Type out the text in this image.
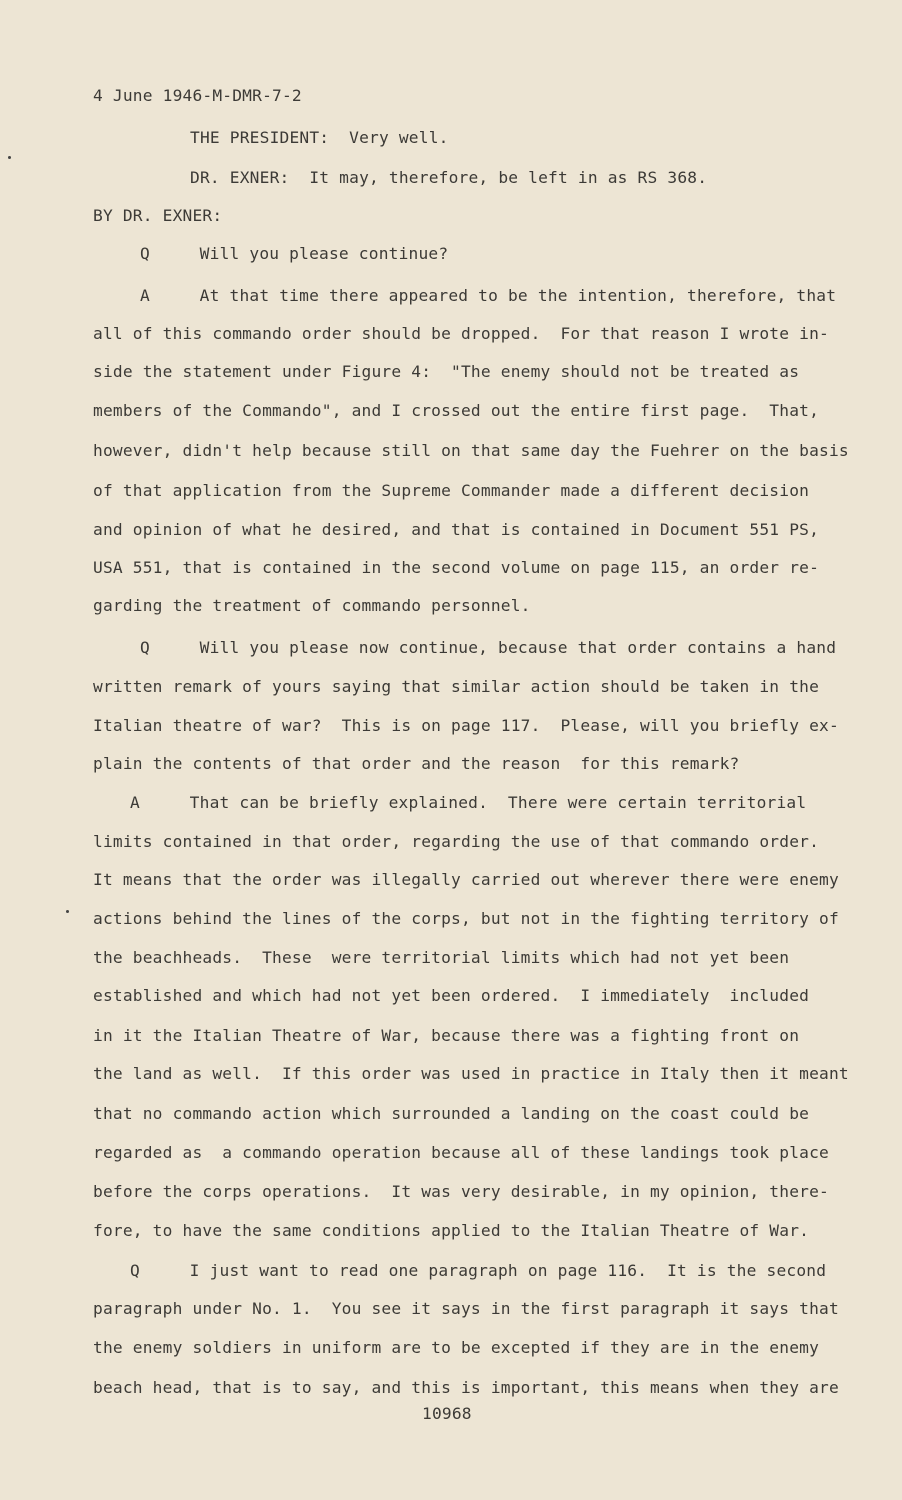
4 June 1946-M-DMR-7-2
THE PRESIDENT:  Very well.
DR. EXNER:  It may, therefore, be left in as RS 368.
BY DR. EXNER:
Q     Will you please continue?
A     At that time there appeared to be the intention, therefore, that
all of this commando order should be dropped.  For that reason I wrote in-
side the statement under Figure 4:  "The enemy should not be treated as
members of the Commando", and I crossed out the entire first page.  That,
however, didn't help because still on that same day the Fuehrer on the basis
of that application from the Supreme Commander made a different decision
and opinion of what he desired, and that is contained in Document 551 PS,
USA 551, that is contained in the second volume on page 115, an order re-
garding the treatment of commando personnel.
Q     Will you please now continue, because that order contains a hand
written remark of yours saying that similar action should be taken in the
Italian theatre of war?  This is on page 117.  Please, will you briefly ex-
plain the contents of that order and the reason  for this remark?
A     That can be briefly explained.  There were certain territorial
limits contained in that order, regarding the use of that commando order.
It means that the order was illegally carried out wherever there were enemy
actions behind the lines of the corps, but not in the fighting territory of
the beachheads.  These  were territorial limits which had not yet been
established and which had not yet been ordered.  I immediately  included
in it the Italian Theatre of War, because there was a fighting front on
the land as well.  If this order was used in practice in Italy then it meant
that no commando action which surrounded a landing on the coast could be
regarded as  a commando operation because all of these landings took place
before the corps operations.  It was very desirable, in my opinion, there-
fore, to have the same conditions applied to the Italian Theatre of War.
Q     I just want to read one paragraph on page 116.  It is the second
paragraph under No. 1.  You see it says in the first paragraph it says that
the enemy soldiers in uniform are to be excepted if they are in the enemy
beach head, that is to say, and this is important, this means when they are
10968
